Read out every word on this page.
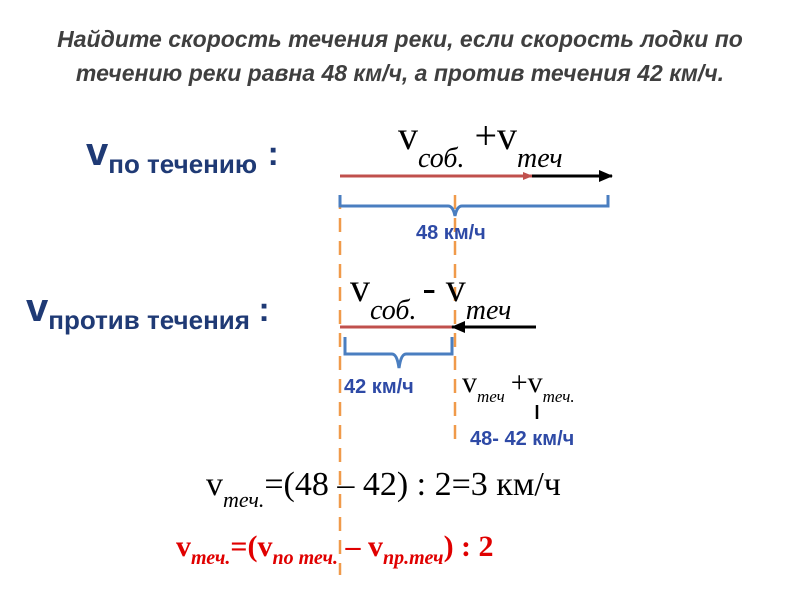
Найдите скорость течения реки, если скорость лодки по
течению реки равна 48 км/ч, а против течения 42 км/ч.
vпо течению :	$v_{соб.}+v_{теч}$
48 км/ч
vпротив течения : $v_{соб.}-$ $v_{теч}$
42 км/ч $v_{теч} +v_{теч.}$
48- 42 км/ч
$v_{теч.}=(48 - 42)$ : 2=3 км/ч
$v_{теч.}=(v_{по теч.} - v_{пр.теч})$ : 2
